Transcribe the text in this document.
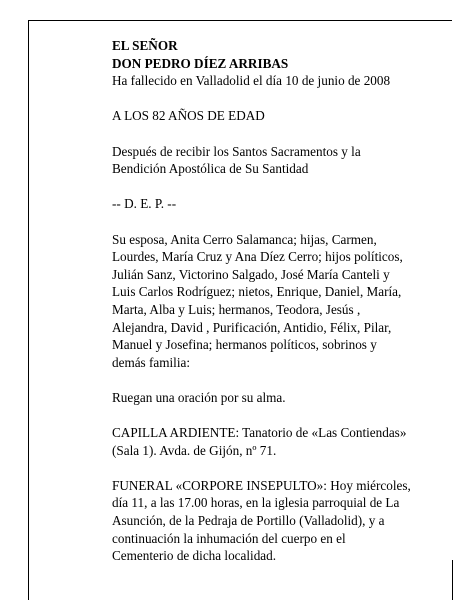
EL SEÑOR
DON PEDRO DÍEZ ARRIBAS
Ha fallecido en Valladolid el día 10 de junio de 2008

A LOS 82 AÑOS DE EDAD

Después de recibir los Santos Sacramentos y la
Bendición Apostólica de Su Santidad

-- D. E. P. --

Su esposa, Anita Cerro Salamanca; hijas, Carmen,
Lourdes, María Cruz y Ana Díez Cerro; hijos políticos,
Julián Sanz, Victorino Salgado, José María Canteli y
Luis Carlos Rodríguez; nietos, Enrique, Daniel, María,
Marta, Alba y Luis; hermanos, Teodora, Jesús ,
Alejandra, David , Purificación, Antidio, Félix, Pilar,
Manuel y Josefina; hermanos políticos, sobrinos y
demás familia:

Ruegan una oración por su alma.

CAPILLA ARDIENTE: Tanatorio de «Las Contiendas»
(Sala 1). Avda. de Gijón, nº 71.

FUNERAL «CORPORE INSEPULTO»: Hoy miércoles,
día 11, a las 17.00 horas, en la iglesia parroquial de La
Asunción, de la Pedraja de Portillo (Valladolid), y a
continuación la inhumación del cuerpo en el
Cementerio de dicha localidad.
